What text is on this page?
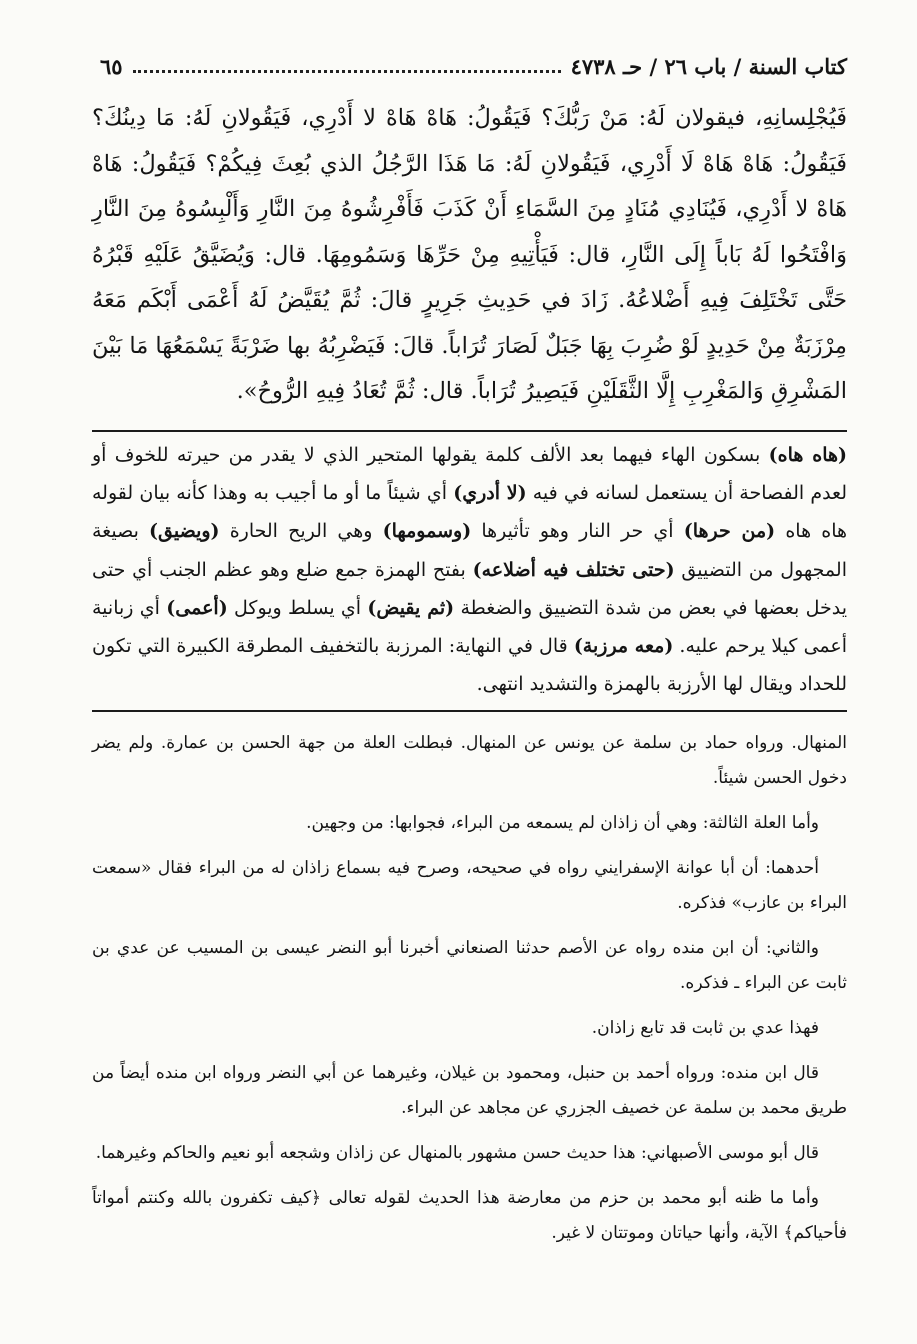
كتاب السنة / باب ٢٦ / حـ ٤٧٣٨
٦٥

فَيُجْلِسانِهِ، فيقولان لَهُ: مَنْ رَبُّكَ؟ فَيَقُولُ: هَاهْ هَاهْ لا أَدْرِي، فَيَقُولانِ لَهُ: مَا دِينُكَ؟ فَيَقُولُ: هَاهْ هَاهْ لَا أَدْرِي، فَيَقُولانِ لَهُ: مَا هَذَا الرَّجُلُ الذي بُعِثَ فِيكُمْ؟ فَيَقُولُ: هَاهْ هَاهْ لا أَدْرِي، فَيُنَادِي مُنَادٍ مِنَ السَّمَاءِ أَنْ كَذَبَ فَأَفْرِشُوهُ مِنَ النَّارِ وَأَلْبِسُوهُ مِنَ النَّارِ وَافْتَحُوا لَهُ بَاباً إِلَى النَّارِ، قال: فَيَأْتِيهِ مِنْ حَرِّهَا وَسَمُومِهَا. قال: وَيُضَيَّقُ عَلَيْهِ قَبْرُهُ حَتَّى تَخْتَلِفَ فِيهِ أَضْلاعُهُ. زَادَ في حَدِيثِ جَرِيرٍ قالَ: ثُمَّ يُقَيَّضُ لَهُ أَعْمَى أَبْكَم مَعَهُ مِرْزَبَةٌ مِنْ حَدِيدٍ لَوْ ضُرِبَ بِهَا جَبَلٌ لَصَارَ تُرَاباً. قالَ: فَيَضْرِبُهُ بها ضَرْبَةً يَسْمَعُهَا مَا بَيْنَ المَشْرِقِ وَالمَغْرِبِ إِلَّا الثَّقَلَيْنِ فَيَصِيرُ تُرَاباً. قال: ثُمَّ تُعَادُ فِيهِ الرُّوحُ».

(هاه هاه) بسكون الهاء فيهما بعد الألف كلمة يقولها المتحير الذي لا يقدر من حيرته للخوف أو لعدم الفصاحة أن يستعمل لسانه في فيه (لا أدري) أي شيئاً ما أو ما أجيب به وهذا كأنه بيان لقوله هاه هاه (من حرها) أي حر النار وهو تأثيرها (وسمومها) وهي الريح الحارة (ويضيق) بصيغة المجهول من التضييق (حتى تختلف فيه أضلاعه) بفتح الهمزة جمع ضلع وهو عظم الجنب أي حتى يدخل بعضها في بعض من شدة التضييق والضغطة (ثم يقيض) أي يسلط ويوكل (أعمى) أي زبانية أعمى كيلا يرحم عليه. (معه مرزبة) قال في النهاية: المرزبة بالتخفيف المطرقة الكبيرة التي تكون للحداد ويقال لها الأرزبة بالهمزة والتشديد انتهى.

المنهال. ورواه حماد بن سلمة عن يونس عن المنهال. فبطلت العلة من جهة الحسن بن عمارة. ولم يضر دخول الحسن شيئاً.

وأما العلة الثالثة: وهي أن زاذان لم يسمعه من البراء، فجوابها: من وجهين.

أحدهما: أن أبا عوانة الإسفرايني رواه في صحيحه، وصرح فيه بسماع زاذان له من البراء فقال «سمعت البراء بن عازب» فذكره.

والثاني: أن ابن منده رواه عن الأصم حدثنا الصنعاني أخبرنا أبو النضر عيسى بن المسيب عن عدي بن ثابت عن البراء ـ فذكره.

فهذا عدي بن ثابت قد تابع زاذان.

قال ابن منده: ورواه أحمد بن حنبل، ومحمود بن غيلان، وغيرهما عن أبي النضر ورواه ابن منده أيضاً من طريق محمد بن سلمة عن خصيف الجزري عن مجاهد عن البراء.

قال أبو موسى الأصبهاني: هذا حديث حسن مشهور بالمنهال عن زاذان وشجعه أبو نعيم والحاكم وغيرهما.

وأما ما ظنه أبو محمد بن حزم من معارضة هذا الحديث لقوله تعالى ﴿كيف تكفرون بالله وكنتم أمواتاً فأحياكم﴾ الآية، وأنها حياتان وموتتان لا غير.
